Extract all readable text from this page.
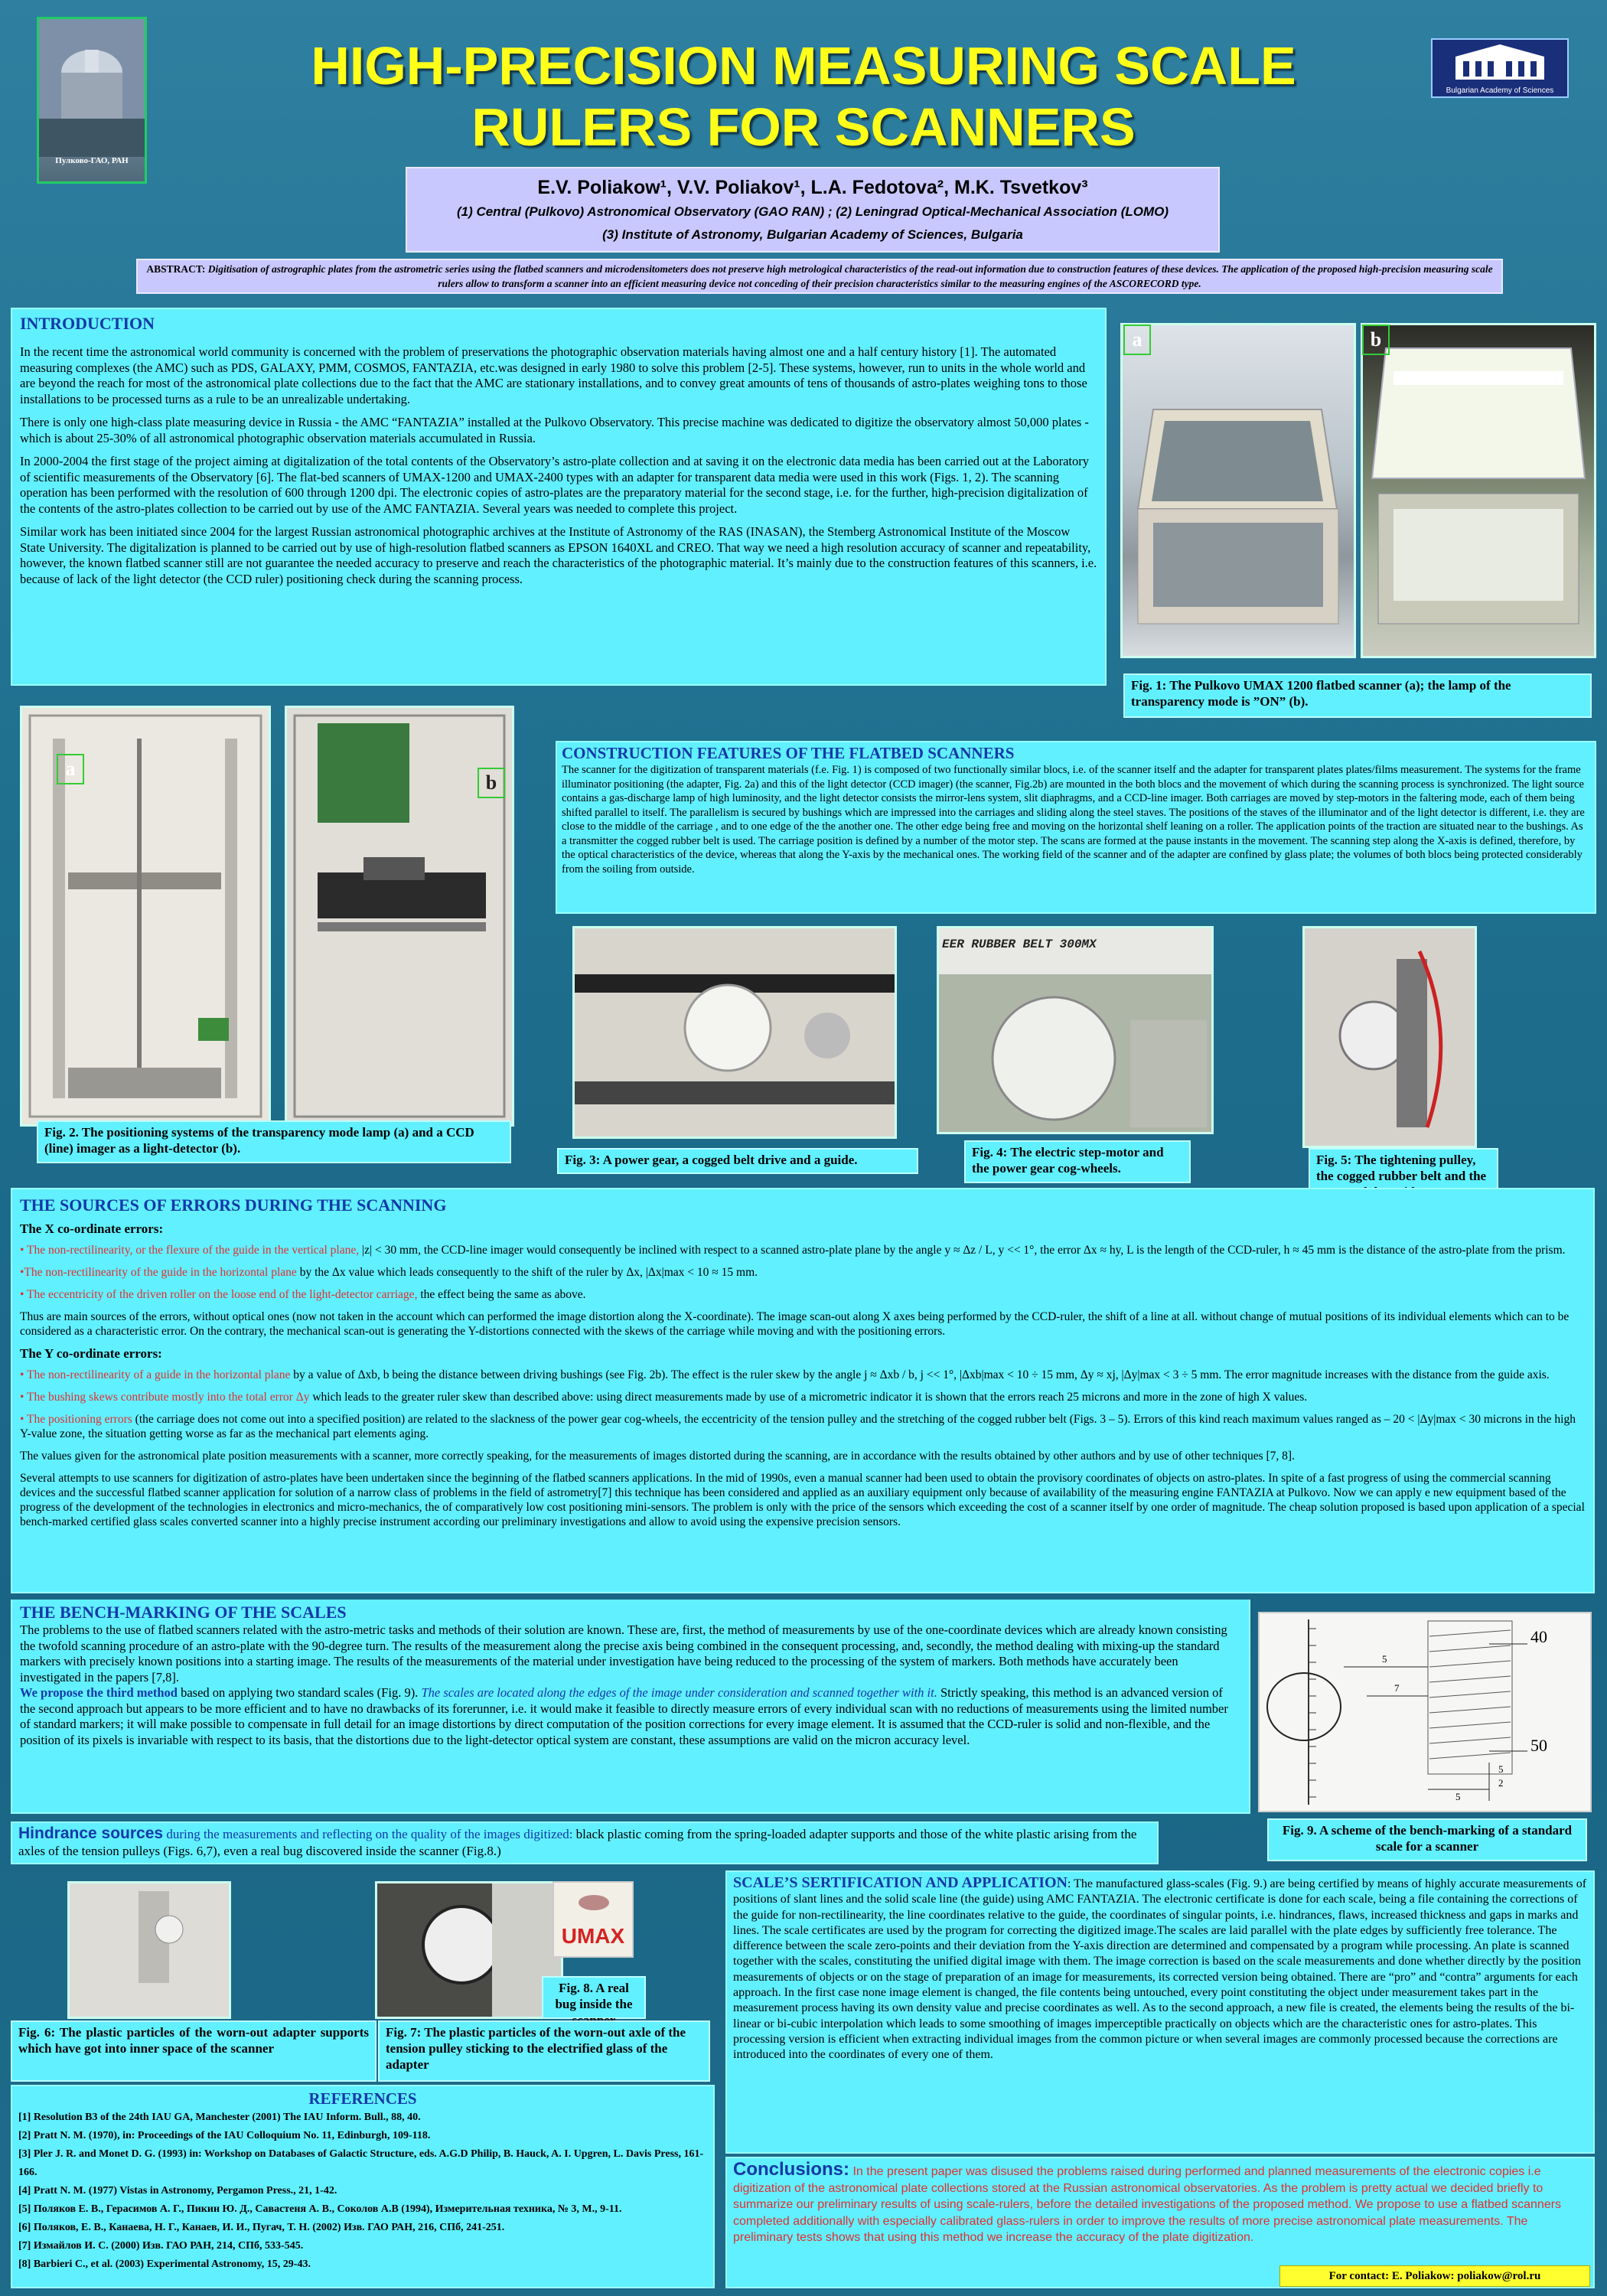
Пулково-ГАО, РАН
HIGH-PRECISION MEASURING SCALE
RULERS FOR SCANNERS
Bulgarian Academy of Sciences
E.V. Poliakow¹, V.V. Poliakov¹, L.A. Fedotova², M.K. Tsvetkov³
(1) Central (Pulkovo) Astronomical Observatory (GAO RAN) ; (2) Leningrad Optical-Mechanical Association (LOMO)
(3) Institute of Astronomy, Bulgarian Academy of Sciences, Bulgaria
ABSTRACT: Digitisation of astrographic plates from the astrometric series using the flatbed scanners and microdensitometers does not preserve high metrological characteristics of the read-out information due to construction features of these devices. The application of the proposed high-precision measuring scale rulers allow to transform a scanner into an efficient measuring device not conceding of their precision characteristics similar to the measuring engines of the ASCORECORD type.
INTRODUCTION

In the recent time the astronomical world community is concerned with the problem of preservations the photographic observation materials having almost one and a half century history [1]. The automated measuring complexes (the AMC) such as PDS, GALAXY, PMM, COSMOS, FANTAZIA, etc.was designed in early 1980 to solve this problem [2-5]. These systems, however, run to units in the whole world and are beyond the reach for most of the astronomical plate collections due to the fact that the AMC are stationary installations, and to convey great amounts of tens of thousands of astro-plates weighing tons to those installations to be processed turns as a rule to be an unrealizable undertaking.

There is only one high-class plate measuring device in Russia - the AMC “FANTAZIA” installed at the Pulkovo Observatory. This precise machine was dedicated to digitize the observatory almost 50,000 plates - which is about 25-30% of all astronomical photographic observation materials accumulated in Russia.

In 2000-2004 the first stage of the project aiming at digitalization of the total contents of the Observatory’s astro-plate collection and at saving it on the electronic data media has been carried out at the Laboratory of scientific measurements of the Observatory [6]. The flat-bed scanners of UMAX-1200 and UMAX-2400 types with an adapter for transparent data media were used in this work (Figs. 1, 2). The scanning operation has been performed with the resolution of 600 through 1200 dpi. The electronic copies of astro-plates are the preparatory material for the second stage, i.e. for the further, high-precision digitalization of the contents of the astro-plates collection to be carried out by use of the AMC FANTAZIA. Several years was needed to complete this project.

Similar work has been initiated since 2004 for the largest Russian astronomical photographic archives at the Institute of Astronomy of the RAS (INASAN), the Stemberg Astronomical Institute of the Moscow State University. The digitalization is planned to be carried out by use of high-resolution flatbed scanners as EPSON 1640XL and CREO. That way we need a high resolution accuracy of scanner and repeatability, however, the known flatbed scanner still are not guarantee the needed accuracy to preserve and reach the characteristics of the photographic material. It’s mainly due to the construction features of this scanners, i.e. because of lack of the light detector (the CCD ruler) positioning check during the scanning process.

a	b
Fig. 1: The Pulkovo UMAX 1200 flatbed scanner (a); the lamp of the transparency mode is ”ON” (b).
a
b
Fig. 2. The positioning systems of the transparency mode lamp (a) and a CCD (line) imager as a light-detector (b).
CONSTRUCTION FEATURES OF THE FLATBED SCANNERS
The scanner for the digitization of transparent materials (f.e. Fig. 1) is composed of two functionally similar blocs, i.e. of the scanner itself and the adapter for transparent plates plates/films measurement. The systems for the frame illuminator positioning (the adapter, Fig. 2a) and this of the light detector (CCD imager) (the scanner, Fig.2b) are mounted in the both blocs and the movement of which during the scanning process is synchronized. The light source contains a gas-discharge lamp of high luminosity, and the light detector consists the mirror-lens system, slit diaphragms, and a CCD-line imager. Both carriages are moved by step-motors in the faltering mode, each of them being shifted parallel to itself. The parallelism is secured by bushings which are impressed into the carriages and sliding along the steel staves. The positions of the staves of the illuminator and of the light detector is different, i.e. they are close to the middle of the carriage , and to one edge of the the another one. The other edge being free and moving on the horizontal shelf leaning on a roller. The application points of the traction are situated near to the bushings. As a transmitter the cogged rubber belt is used. The carriage position is defined by a number of the motor step. The scans are formed at the pause instants in the movement. The scanning step along the X-axis is defined, therefore, by the optical characteristics of the device, whereas that along the Y-axis by the mechanical ones. The working field of the scanner and of the adapter are confined by glass plate; the volumes of both blocs being protected considerably from the soiling from outside.
Fig. 3: A power gear, a cogged belt drive and a guide.
EER RUBBER BELT 300MX
Fig. 4: The electric step-motor and the power gear cog-wheels.
Fig. 5: The tightening pulley, the cogged rubber belt and the
THE SOURCES OF ERRORS DURING THE SCANNING
The X co-ordinate errors:

• The non-rectilinearity, or the flexure of the guide in the vertical plane, |z| < 30 mm, the CCD-line imager would consequently be inclined with respect to a scanned astro-plate plane by the angle y ≈ Δz / L, y << 1°, the error Δx ≈ hy, L is the length of the CCD-ruler, h ≈ 45 mm is the distance of the astro-plate from the prism.

•The non-rectilinearity of the guide in the horizontal plane by the Δx value which leads consequently to the shift of the ruler by Δx, |Δx|max < 10 ≈ 15 mm.

• The eccentricity of the driven roller on the loose end of the light-detector carriage, the effect being the same as above.

Thus are main sources of the errors, without optical ones (now not taken in the account which can performed the image distortion along the X-coordinate). The image scan-out along X axes being performed by the CCD-ruler, the shift of a line at all. without change of mutual positions of its individual elements which can to be considered as a characteristic error. On the contrary, the mechanical scan-out is generating the Y-distortions connected with the skews of the carriage while moving and with the positioning errors.

The Y co-ordinate errors:

• The non-rectilinearity of a guide in the horizontal plane by a value of Δxb, b being the distance between driving bushings (see Fig. 2b). The effect is the ruler skew by the angle j ≈ Δxb / b, j << 1°, |Δxb|max < 10 ÷ 15 mm, Δy ≈ xj, |Δy|max < 3 ÷ 5 mm. The error magnitude increases with the distance from the guide axis.

• The bushing skews contribute mostly into the total error Δy which leads to the greater ruler skew than described above: using direct measurements made by use of a micrometric indicator it is shown that the errors reach 25 microns and more in the zone of high X values.

• The positioning errors (the carriage does not come out into a specified position) are related to the slackness of the power gear cog-wheels, the eccentricity of the tension pulley and the stretching of the cogged rubber belt (Figs. 3 – 5). Errors of this kind reach maximum values ranged as – 20 < |Δy|max < 30 microns in the high Y-value zone, the situation getting worse as far as the mechanical part elements aging.

The values given for the astronomical plate position measurements with a scanner, more correctly speaking, for the measurements of images distorted during the scanning, are in accordance with the results obtained by other authors and by use of other techniques [7, 8].

Several attempts to use scanners for digitization of astro-plates have been undertaken since the beginning of the flatbed scanners applications. In the mid of 1990s, even a manual scanner had been used to obtain the provisory coordinates of objects on astro-plates. In spite of a fast progress of using the commercial scanning devices and the successful flatbed scanner application for solution of a narrow class of problems in the field of astrometry[7] this technique has been considered and applied as an auxiliary equipment only because of availability of the measuring engine FANTAZIA at Pulkovo. Now we can apply e new equipment based of the progress of the development of the technologies in electronics and micro-mechanics, the of comparatively low cost positioning mini-sensors. The problem is only with the price of the sensors which exceeding the cost of a scanner itself by one order of magnitude. The cheap solution proposed is based upon application of a special bench-marked certified glass scales converted scanner into a highly precise instrument according our preliminary investigations and allow to avoid using the expensive precision sensors.

THE BENCH-MARKING OF THE SCALES
The problems to the use of flatbed scanners related with the astro-metric tasks and methods of their solution are known. These are, first, the method of measurements by use of the one-coordinate devices which are already known consisting the twofold scanning procedure of an astro-plate with the 90-degree turn. The results of the measurement along the precise axis being combined in the consequent processing, and, secondly, the method dealing with mixing-up the standard markers with precisely known positions into a starting image. The results of the measurements of the material under investigation have being reduced to the processing of the system of markers. Both methods have accurately been investigated in the papers [7,8].
We propose the third method based on applying two standard scales (Fig. 9). The scales are located along the edges of the image under consideration and scanned together with it. Strictly speaking, this method is an advanced version of the second approach but appears to be more efficient and to have no drawbacks of its forerunner, i.e. it would make it feasible to directly measure errors of every individual scan with no reductions of measurements using the limited number of standard markers; it will make possible to compensate in full detail for an image distortions by direct computation of the position corrections for every image element. It is assumed that the CCD-ruler is solid and non-flexible, and the position of its pixels is invariable with respect to its basis, that the distortions due to the light-detector optical system are constant, these assumptions are valid on the micron accuracy level.
40
50
5
7
5
2
5
Fig. 9. A scheme of the bench-marking of a standard scale for a scanner
Hindrance sources during the measurements and reflecting on the quality of the images digitized: black plastic coming from the spring-loaded adapter supports and those of the white plastic arising from the axles of the tension pulleys (Figs. 6,7), even a real bug discovered inside the scanner (Fig.8.)
UMAX
Fig. 8. A real bug inside the
Fig. 6: The plastic particles of the worn-out adapter supports which have got into inner space of the scanner
Fig. 7: The plastic particles of the worn-out axle of the tension pulley sticking to the electrified glass of the adapter
REFERENCES
[1] Resolution B3 of the 24th IAU GA, Manchester (2001) The IAU Inform. Bull., 88, 40.
[2] Pratt N. M. (1970), in: Proceedings of the IAU Colloquium No. 11, Edinburgh, 109-118.
[3] Pler J. R. and Monet D. G. (1993) in: Workshop on Databases of Galactic Structure, eds. A.G.D Philip, B. Hauck, A. I. Upgren, L. Davis Press, 161-166.
[4] Pratt N. M. (1977) Vistas in Astronomy, Pergamon Press., 21, 1-42.
[5] Поляков Е. В., Герасимов А. Г., Пикин Ю. Д., Савастеня А. В., Соколов А.В (1994), Измерительная техника, № 3, М., 9-11.
[6] Поляков, Е. В., Канаева, Н. Г., Канаев, И. И., Пугач, Т. Н. (2002) Изв. ГАО РАН, 216, СПб, 241-251.
[7] Измайлов И. С. (2000) Изв. ГАО РАН, 214, СПб, 533-545.
[8] Barbieri C., et al. (2003) Experimental Astronomy, 15, 29-43.
SCALE’S SERTIFICATION AND APPLICATION: The manufactured glass-scales (Fig. 9.) are being certified by means of highly accurate measurements of positions of slant lines and the solid scale line (the guide) using AMC FANTAZIA. The electronic certificate is done for each scale, being a file containing the corrections of the guide for non-rectilinearity, the line coordinates relative to the guide, the coordinates of singular points, i.e. hindrances, flaws, increased thickness and gaps in marks and lines. The scale certificates are used by the program for correcting the digitized image.The scales are laid parallel with the plate edges by sufficiently free tolerance. The difference between the scale zero-points and their deviation from the Y-axis direction are determined and compensated by a program while processing. An plate is scanned together with the scales, constituting the unified digital image with them. The image correction is based on the scale measurements and done whether directly by the position measurements of objects or on the stage of preparation of an image for measurements, its corrected version being obtained. There are “pro” and “contra” arguments for each approach. In the first case none image element is changed, the file contents being untouched, every point constituting the object under measurement takes part in the measurement process having its own density value and precise coordinates as well. As to the second approach, a new file is created, the elements being the results of the bi-linear or bi-cubic interpolation which leads to some smoothing of images imperceptible practically on objects which are the characteristic ones for astro-plates. This processing version is efficient when extracting individual images from the common picture or when several images are commonly processed because the corrections are introduced into the coordinates of every one of them.
Conclusions: In the present paper was disused the problems raised during performed and planned measurements of the electronic copies i.e digitization of the astronomical plate collections stored at the Russian astronomical observatories. As the problem is pretty actual we decided briefly to summarize our preliminary results of using scale-rulers, before the detailed investigations of the proposed method. We propose to use a flatbed scanners completed additionally with especially calibrated glass-rulers in order to improve the results of more precise astronomical plate measurements. The preliminary tests shows that using this method we increase the accuracy of the plate digitization.
For contact: E. Poliakow: poliakow@rol.ru
